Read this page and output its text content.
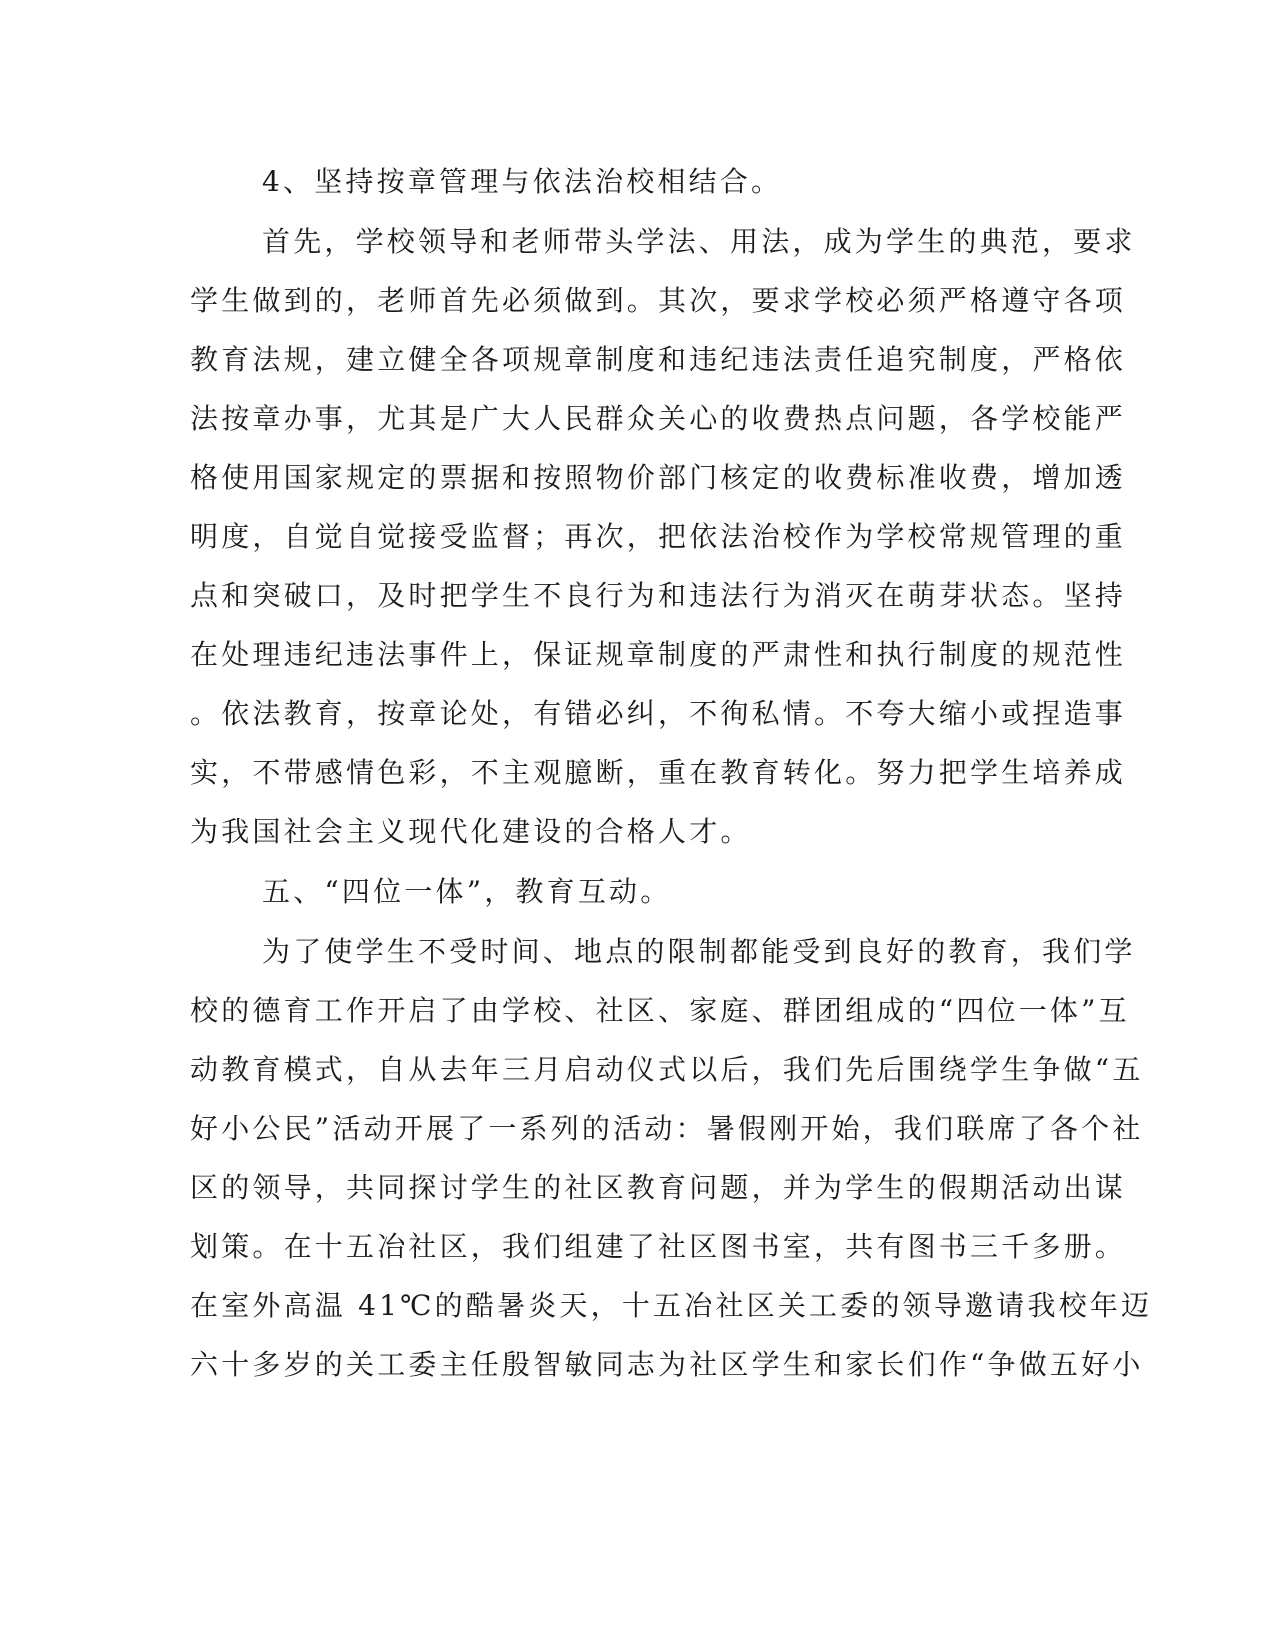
4、坚持按章管理与依法治校相结合。
首先，学校领导和老师带头学法、用法，成为学生的典范，要求
学生做到的，老师首先必须做到。其次，要求学校必须严格遵守各项
教育法规，建立健全各项规章制度和违纪违法责任追究制度，严格依
法按章办事，尤其是广大人民群众关心的收费热点问题，各学校能严
格使用国家规定的票据和按照物价部门核定的收费标准收费，增加透
明度，自觉自觉接受监督；再次，把依法治校作为学校常规管理的重
点和突破口，及时把学生不良行为和违法行为消灭在萌芽状态。坚持
在处理违纪违法事件上，保证规章制度的严肃性和执行制度的规范性
。依法教育，按章论处，有错必纠，不徇私情。不夸大缩小或捏造事
实，不带感情色彩，不主观臆断，重在教育转化。努力把学生培养成
为我国社会主义现代化建设的合格人才。
五、“四位一体”，教育互动。
为了使学生不受时间、地点的限制都能受到良好的教育，我们学
校的德育工作开启了由学校、社区、家庭、群团组成的“四位一体”互
动教育模式，自从去年三月启动仪式以后，我们先后围绕学生争做“五
好小公民”活动开展了一系列的活动：暑假刚开始，我们联席了各个社
区的领导，共同探讨学生的社区教育问题，并为学生的假期活动出谋
划策。在十五冶社区，我们组建了社区图书室，共有图书三千多册。
在室外高温 41℃的酷暑炎天，十五冶社区关工委的领导邀请我校年迈
六十多岁的关工委主任殷智敏同志为社区学生和家长们作“争做五好小
